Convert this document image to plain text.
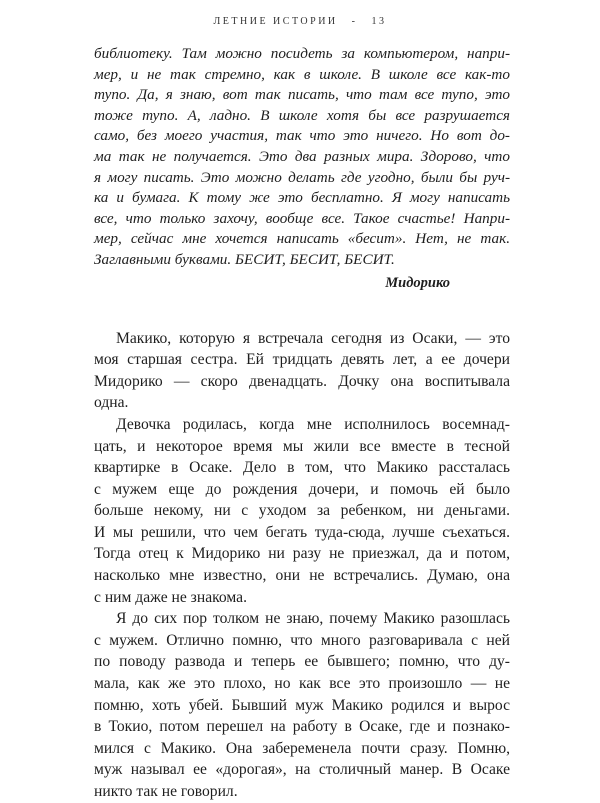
ЛЕТНИЕ ИСТОРИИ - 13
библиотеку. Там можно посидеть за компьютером, напри-
мер, и не так стремно, как в школе. В школе все как-то
тупо. Да, я знаю, вот так писать, что там все тупо, это
тоже тупо. А, ладно. В школе хотя бы все разрушается
само, без моего участия, так что это ничего. Но вот до-
ма так не получается. Это два разных мира. Здорово, что
я могу писать. Это можно делать где угодно, были бы руч-
ка и бумага. К тому же это бесплатно. Я могу написать
все, что только захочу, вообще все. Такое счастье! Напри-
мер, сейчас мне хочется написать «бесит». Нет, не так.
Заглавными буквами. БЕСИТ, БЕСИТ, БЕСИТ.
Мидорико
Макико, которую я встречала сегодня из Осаки, — это
моя старшая сестра. Ей тридцать девять лет, а ее дочери
Мидорико — скоро двенадцать. Дочку она воспитывала
одна.
Девочка родилась, когда мне исполнилось восемнад-
цать, и некоторое время мы жили все вместе в тесной
квартирке в Осаке. Дело в том, что Макико рассталась
с мужем еще до рождения дочери, и помочь ей было
больше некому, ни с уходом за ребенком, ни деньгами.
И мы решили, что чем бегать туда-сюда, лучше съехаться.
Тогда отец к Мидорико ни разу не приезжал, да и потом,
насколько мне известно, они не встречались. Думаю, она
с ним даже не знакома.
Я до сих пор толком не знаю, почему Макико разошлась
с мужем. Отлично помню, что много разговаривала с ней
по поводу развода и теперь ее бывшего; помню, что ду-
мала, как же это плохо, но как все это произошло — не
помню, хоть убей. Бывший муж Макико родился и вырос
в Токио, потом перешел на работу в Осаке, где и познако-
мился с Макико. Она забеременела почти сразу. Помню,
муж называл ее «дорогая», на столичный манер. В Осаке
никто так не говорил.
